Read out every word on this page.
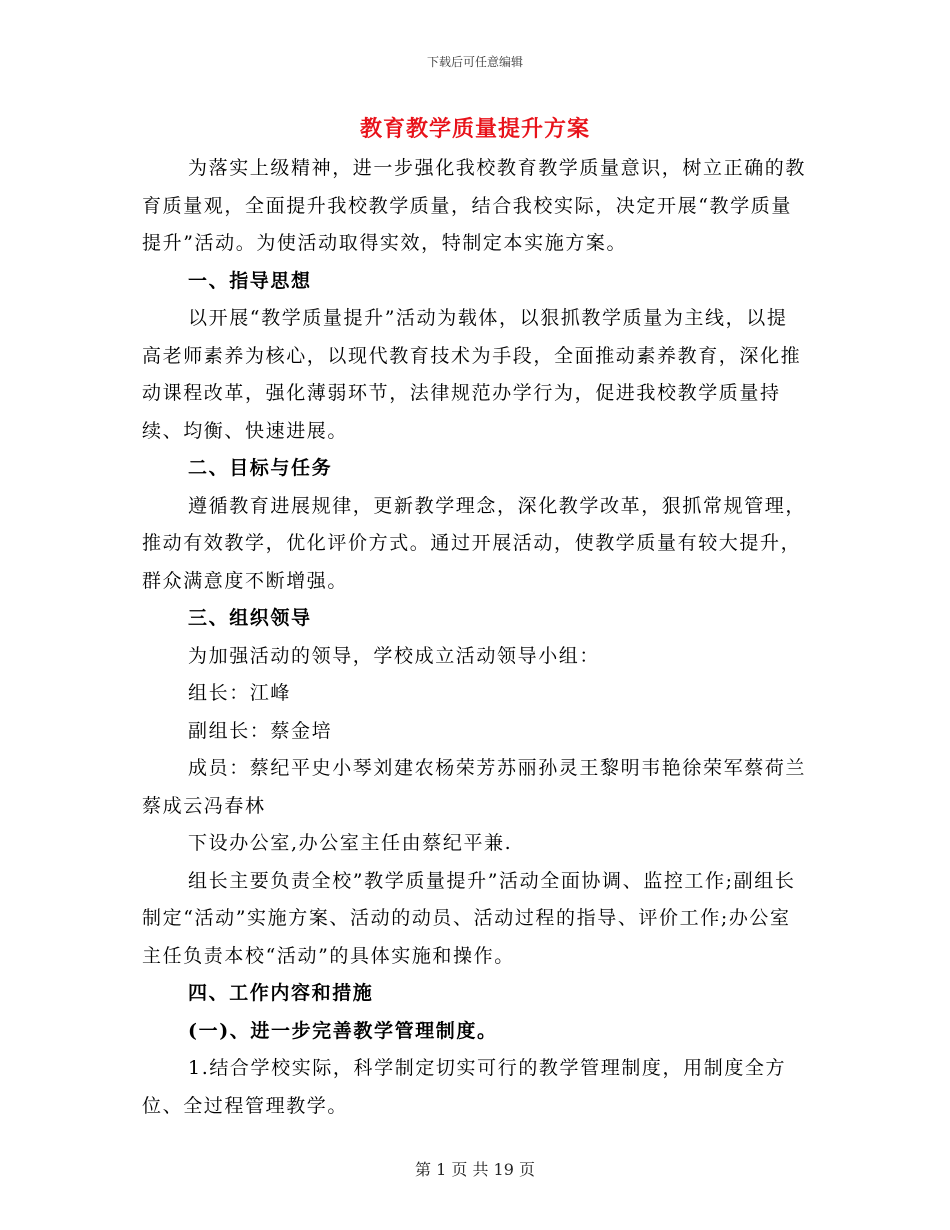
下载后可任意编辑
教育教学质量提升方案

为落实上级精神，进一步强化我校教育教学质量意识，树立正确的教育质量观，全面提升我校教学质量，结合我校实际，决定开展“教学质量提升”活动。为使活动取得实效，特制定本实施方案。

一、指导思想

以开展“教学质量提升”活动为载体，以狠抓教学质量为主线，以提高老师素养为核心，以现代教育技术为手段，全面推动素养教育，深化推动课程改革，强化薄弱环节，法律规范办学行为，促进我校教学质量持续、均衡、快速进展。

二、目标与任务

遵循教育进展规律，更新教学理念，深化教学改革，狠抓常规管理，推动有效教学，优化评价方式。通过开展活动，使教学质量有较大提升，群众满意度不断增强。

三、组织领导

为加强活动的领导，学校成立活动领导小组：

组长：江峰

副组长：蔡金培

成员：蔡纪平史小琴刘建农杨荣芳苏丽孙灵王黎明韦艳徐荣军蔡荷兰蔡成云冯春林

下设办公室,办公室主任由蔡纪平兼.

组长主要负责全校”教学质量提升”活动全面协调、监控工作;副组长制定“活动”实施方案、活动的动员、活动过程的指导、评价工作;办公室主任负责本校“活动”的具体实施和操作。

四、工作内容和措施

(一)、进一步完善教学管理制度。

1.结合学校实际，科学制定切实可行的教学管理制度，用制度全方位、全过程管理教学。

第 1 页 共 19 页
